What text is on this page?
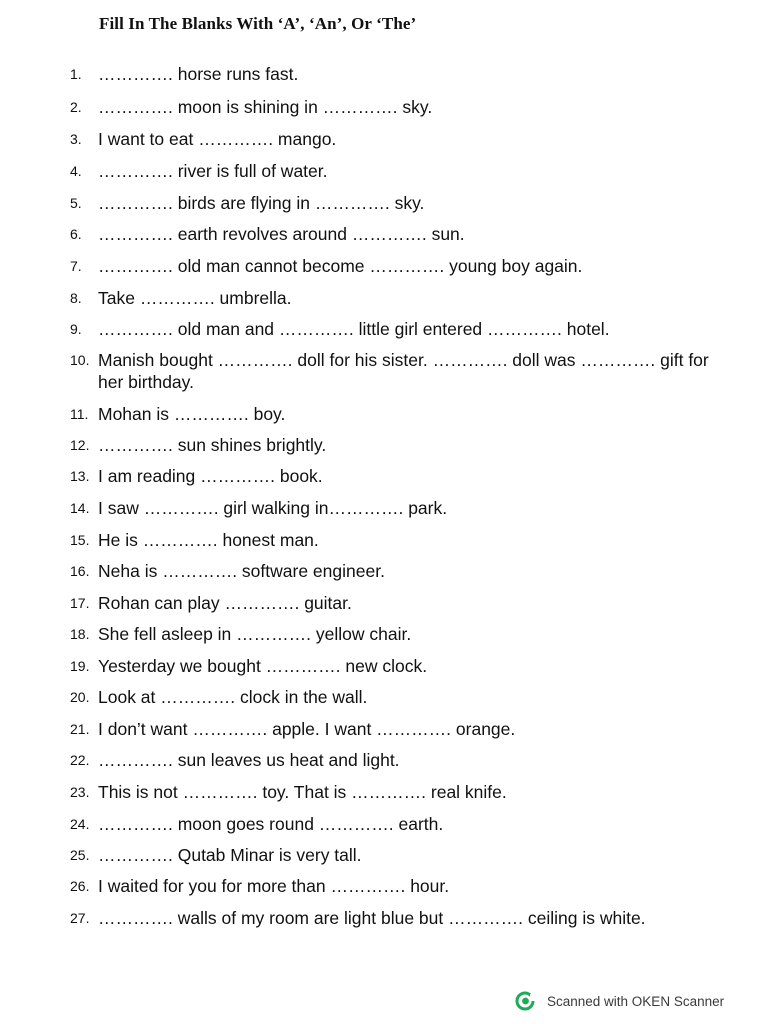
Fill In The Blanks With ‘A’, ‘An’, Or ‘The’
1. …………. horse runs fast.
2. …………. moon is shining in …………. sky.
3. I want to eat …………. mango.
4. …………. river is full of water.
5. …………. birds are flying in …………. sky.
6. …………. earth revolves around …………. sun.
7. …………. old man cannot become …………. young boy again.
8. Take …………. umbrella.
9. …………. old man and …………. little girl entered …………. hotel.
10. Manish bought …………. doll for his sister. …………. doll was …………. gift for her birthday.
11. Mohan is …………. boy.
12. …………. sun shines brightly.
13. I am reading …………. book.
14. I saw …………. girl walking in…………. park.
15. He is …………. honest man.
16. Neha is …………. software engineer.
17. Rohan can play …………. guitar.
18. She fell asleep in …………. yellow chair.
19. Yesterday we bought …………. new clock.
20. Look at …………. clock in the wall.
21. I don’t want …………. apple. I want …………. orange.
22. …………. sun leaves us heat and light.
23. This is not …………. toy. That is …………. real knife.
24. …………. moon goes round …………. earth.
25. …………. Qutab Minar is very tall.
26. I waited for you for more than …………. hour.
27. …………. walls of my room are light blue but …………. ceiling is white.
Scanned with OKEN Scanner
